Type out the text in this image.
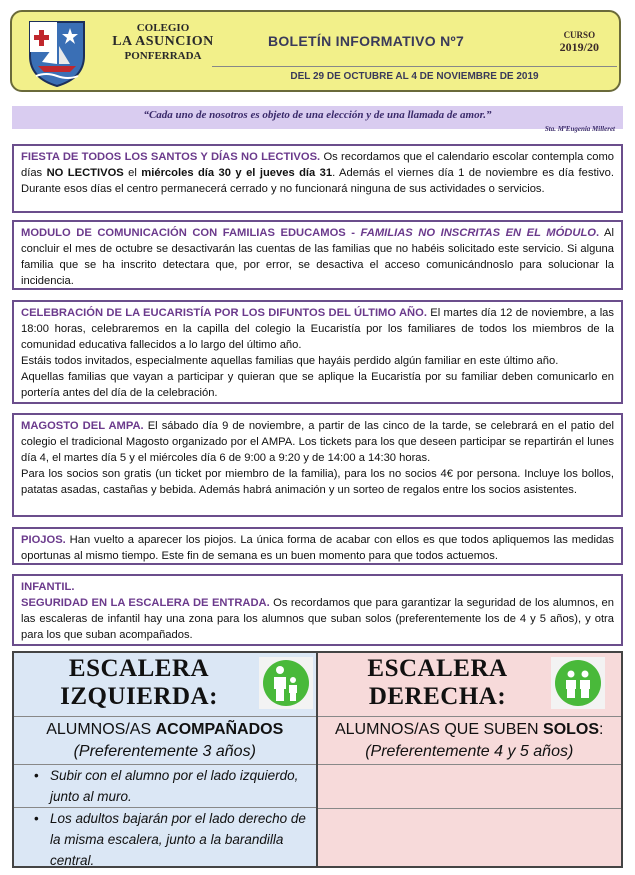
COLEGIO
LA ASUNCION
PONFERRADA
BOLETÍN INFORMATIVO Nº7	CURSO
2019/20
DEL 29 DE OCTUBRE AL 4 DE NOVIEMBRE DE 2019
“Cada uno de nosotros es objeto de una elección y de una llamada de amor.”
Sta. MªEugenia Milleret

FIESTA DE TODOS LOS SANTOS Y DÍAS NO LECTIVOS. Os recordamos que el calendario escolar contempla como días NO LECTIVOS el miércoles día 30 y el jueves día 31. Además el viernes día 1 de noviembre es día festivo. Durante esos días el centro permanecerá cerrado y no funcionará ninguna de sus actividades o servicios.

MODULO DE COMUNICACIÓN CON FAMILIAS EDUCAMOS - FAMILIAS NO INSCRITAS EN EL MÓDULO. Al concluir el mes de octubre se desactivarán las cuentas de las familias que no habéis solicitado este servicio. Si alguna familia que se ha inscrito detectara que, por error, se desactiva el acceso comunicándnoslo para solucionar la incidencia.

CELEBRACIÓN DE LA EUCARISTÍA POR LOS DIFUNTOS DEL ÚLTIMO AÑO. El martes día 12 de noviembre, a las 18:00 horas, celebraremos en la capilla del colegio la Eucaristía por los familiares de todos los miembros de la comunidad educativa fallecidos a lo largo del último año.

Estáis todos invitados, especialmente aquellas familias que hayáis perdido algún familiar en este último año.

Aquellas familias que vayan a participar y quieran que se aplique la Eucaristía por su familiar deben comunicarlo en portería antes del día de la celebración.

MAGOSTO DEL AMPA. El sábado día 9 de noviembre, a partir de las cinco de la tarde, se celebrará en el patio del colegio el tradicional Magosto organizado por el AMPA. Los tickets para los que deseen participar se repartirán el lunes día 4, el martes día 5 y el miércoles día 6 de 9:00 a 9:20 y de 14:00 a 14:30 horas.

Para los socios son gratis (un ticket por miembro de la familia), para los no socios 4€ por persona. Incluye los bollos, patatas asadas, castañas y bebida. Además habrá animación y un sorteo de regalos entre los socios asistentes.

PIOJOS. Han vuelto a aparecer los piojos. La única forma de acabar con ellos es que todos apliquemos las medidas oportunas al mismo tiempo. Este fin de semana es un buen momento para que todos actuemos.

INFANTIL.

SEGURIDAD EN LA ESCALERA DE ENTRADA. Os recordamos que para garantizar la seguridad de los alumnos, en las escaleras de infantil hay una zona para los alumnos que suban solos (preferentemente los de 4 y 5 años), y otra para los que suban acompañados.

ESCALERA
IZQUIERDA:
ALUMNOS/AS ACOMPAÑADOS
(Preferentemente 3 años)
• Subir con el alumno por el lado izquierdo, junto al muro.
• Los adultos bajarán por el lado derecho de la misma escalera, junto a la barandilla central.
ESCALERA
DERECHA:
ALUMNOS/AS QUE SUBEN SOLOS:
(Preferentemente 4 y 5 años)
